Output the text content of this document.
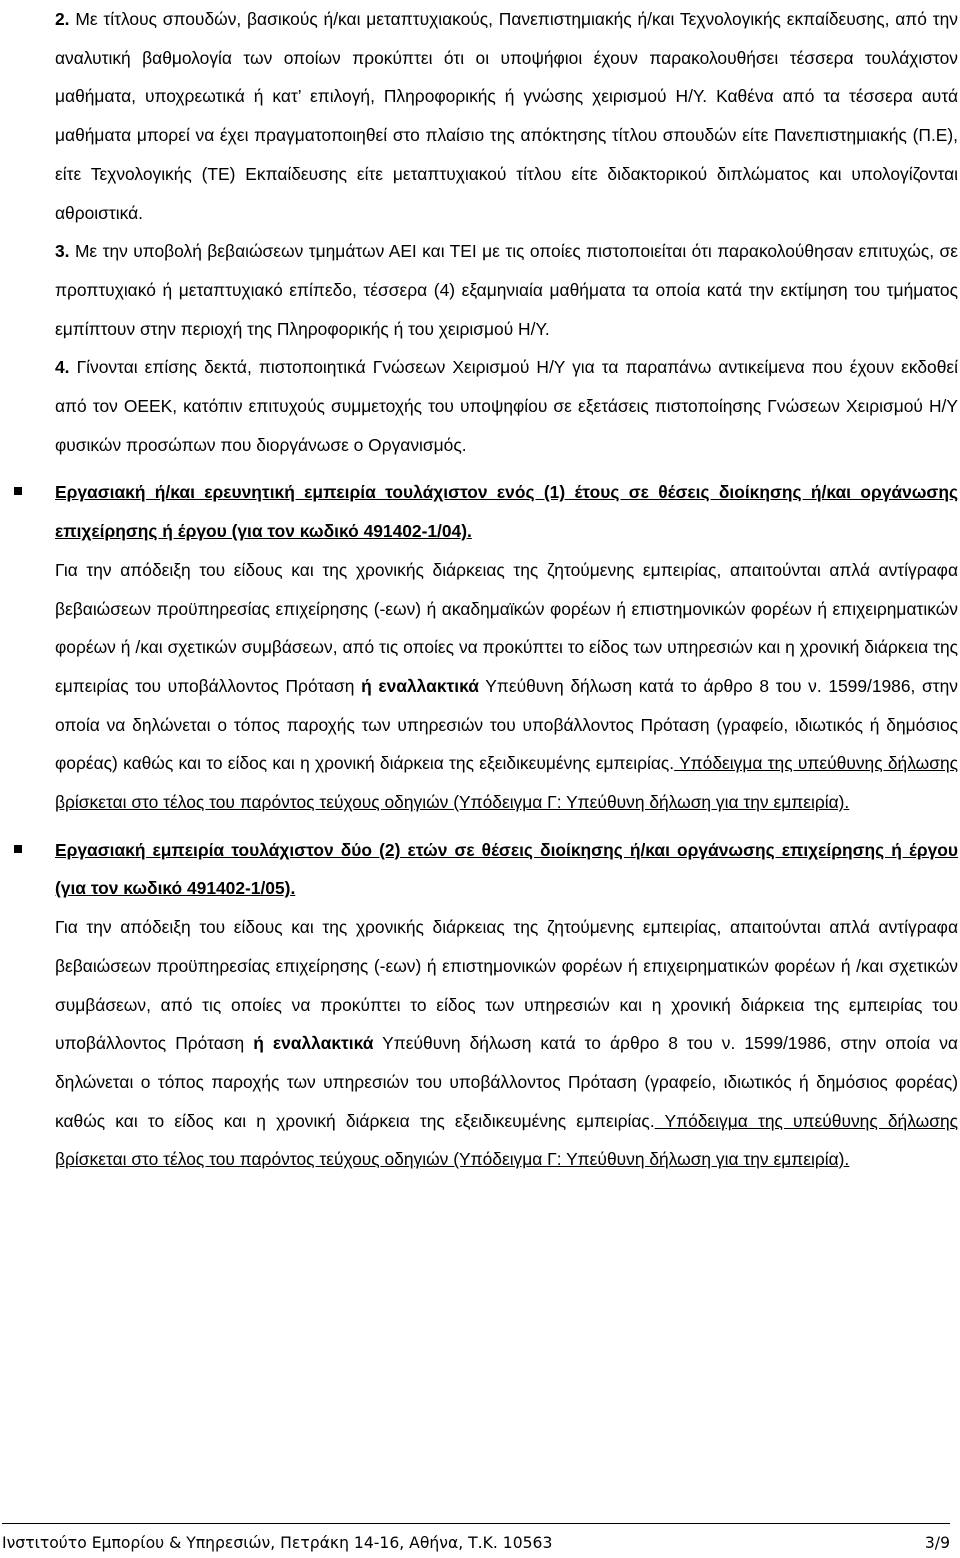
2. Με τίτλους σπουδών, βασικούς ή/και μεταπτυχιακούς, Πανεπιστημιακής ή/και Τεχνολογικής εκπαίδευσης, από την αναλυτική βαθμολογία των οποίων προκύπτει ότι οι υποψήφιοι έχουν παρακολουθήσει τέσσερα τουλάχιστον μαθήματα, υποχρεωτικά ή κατ’ επιλογή, Πληροφορικής ή γνώσης χειρισμού Η/Υ. Καθένα από τα τέσσερα αυτά μαθήματα μπορεί να έχει πραγματοποιηθεί στο πλαίσιο της απόκτησης τίτλου σπουδών είτε Πανεπιστημιακής (Π.Ε), είτε Τεχνολογικής (ΤΕ) Εκπαίδευσης είτε μεταπτυχιακού τίτλου είτε διδακτορικού διπλώματος και υπολογίζονται αθροιστικά.

3. Με την υποβολή βεβαιώσεων τμημάτων ΑΕΙ και ΤΕΙ με τις οποίες πιστοποιείται ότι παρακολούθησαν επιτυχώς, σε προπτυχιακό ή μεταπτυχιακό επίπεδο, τέσσερα (4) εξαμηνιαία μαθήματα τα οποία κατά την εκτίμηση του τμήματος εμπίπτουν στην περιοχή της Πληροφορικής ή του χειρισμού Η/Υ.

4. Γίνονται επίσης δεκτά, πιστοποιητικά Γνώσεων Χειρισμού Η/Υ για τα παραπάνω αντικείμενα που έχουν εκδοθεί από τον ΟΕΕΚ, κατόπιν επιτυχούς συμμετοχής του υποψηφίου σε εξετάσεις πιστοποίησης Γνώσεων Χειρισμού Η/Υ φυσικών προσώπων που διοργάνωσε ο Οργανισμός.

Εργασιακή ή/και ερευνητική εμπειρία τουλάχιστον ενός (1) έτους σε θέσεις διοίκησης ή/και οργάνωσης επιχείρησης ή έργου (για τον κωδικό 491402-1/04).

Για την απόδειξη του είδους και της χρονικής διάρκειας της ζητούμενης εμπειρίας, απαιτούνται απλά αντίγραφα βεβαιώσεων προϋπηρεσίας επιχείρησης (-εων) ή ακαδημαϊκών φορέων ή επιστημονικών φορέων ή επιχειρηματικών φορέων ή /και σχετικών συμβάσεων, από τις οποίες να προκύπτει το είδος των υπηρεσιών και η χρονική διάρκεια της εμπειρίας του υποβάλλοντος Πρόταση ή εναλλακτικά Υπεύθυνη δήλωση κατά το άρθρο 8 του ν. 1599/1986, στην οποία να δηλώνεται ο τόπος παροχής των υπηρεσιών του υποβάλλοντος Πρόταση (γραφείο, ιδιωτικός ή δημόσιος φορέας) καθώς και το είδος και η χρονική διάρκεια της εξειδικευμένης εμπειρίας. Υπόδειγμα της υπεύθυνης δήλωσης βρίσκεται στο τέλος του παρόντος τεύχους οδηγιών (Υπόδειγμα Γ: Υπεύθυνη δήλωση για την εμπειρία).

Εργασιακή εμπειρία τουλάχιστον δύο (2) ετών σε θέσεις διοίκησης ή/και οργάνωσης επιχείρησης ή έργου (για τον κωδικό 491402-1/05).

Για την απόδειξη του είδους και της χρονικής διάρκειας της ζητούμενης εμπειρίας, απαιτούνται απλά αντίγραφα βεβαιώσεων προϋπηρεσίας επιχείρησης (-εων) ή επιστημονικών φορέων ή επιχειρηματικών φορέων ή /και σχετικών συμβάσεων, από τις οποίες να προκύπτει το είδος των υπηρεσιών και η χρονική διάρκεια της εμπειρίας του υποβάλλοντος Πρόταση ή εναλλακτικά Υπεύθυνη δήλωση κατά το άρθρο 8 του ν. 1599/1986, στην οποία να δηλώνεται ο τόπος παροχής των υπηρεσιών του υποβάλλοντος Πρόταση (γραφείο, ιδιωτικός ή δημόσιος φορέας) καθώς και το είδος και η χρονική διάρκεια της εξειδικευμένης εμπειρίας. Υπόδειγμα της υπεύθυνης δήλωσης βρίσκεται στο τέλος του παρόντος τεύχους οδηγιών (Υπόδειγμα Γ: Υπεύθυνη δήλωση για την εμπειρία).

Ινστιτούτο Εμπορίου & Υπηρεσιών, Πετράκη 14-16, Αθήνα, Τ.Κ. 10563	3/9
